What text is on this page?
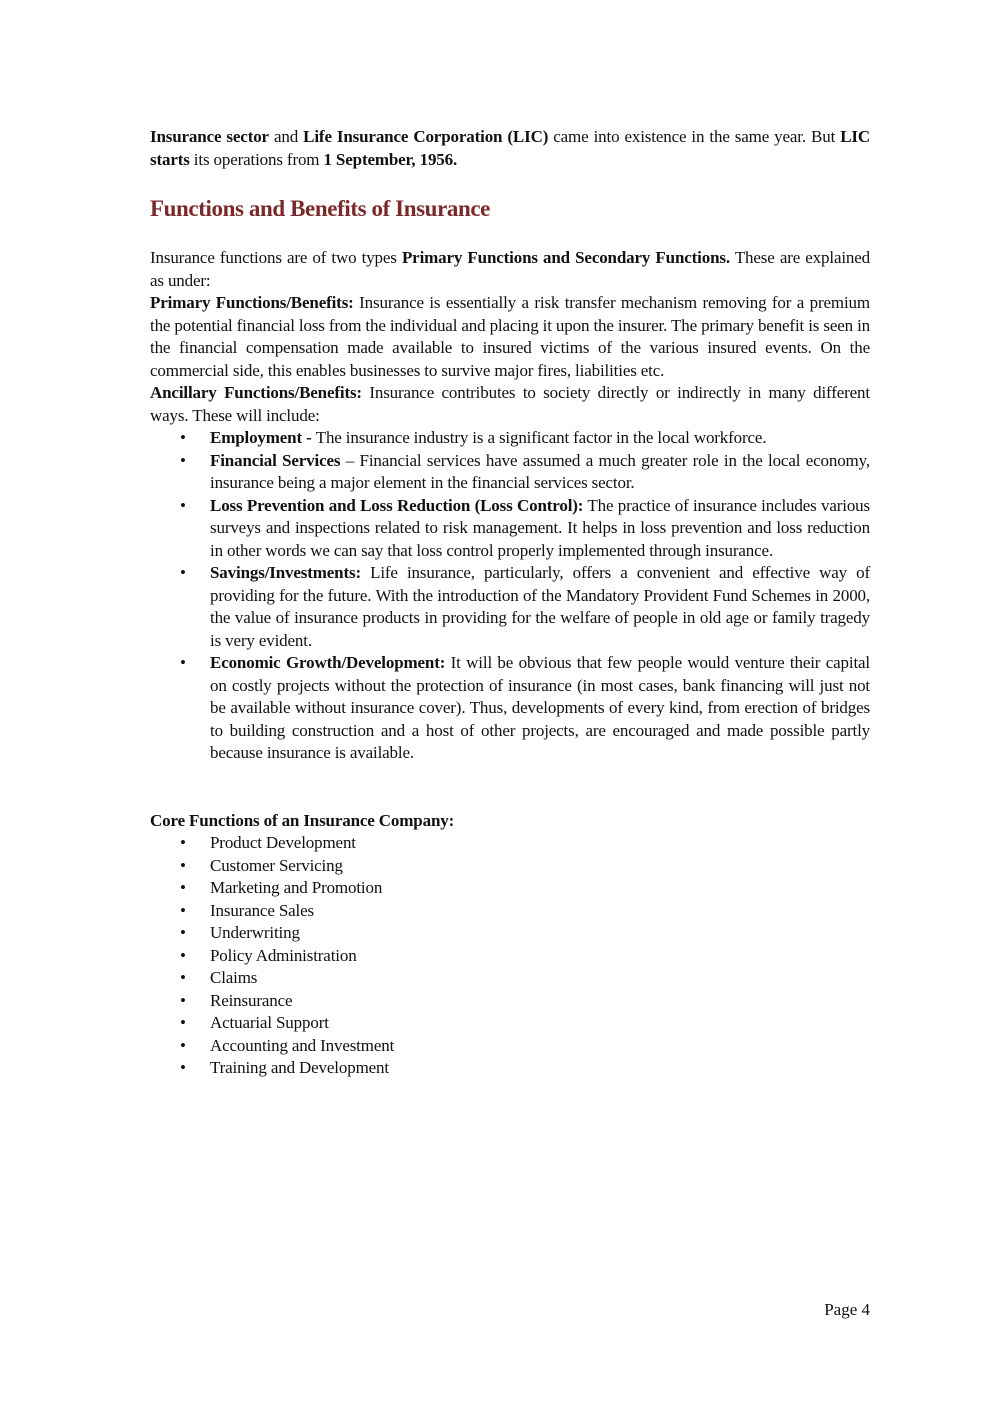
Insurance sector and Life Insurance Corporation (LIC) came into existence in the same year. But LIC starts its operations from 1 September, 1956.

Functions and Benefits of Insurance

Insurance functions are of two types Primary Functions and Secondary Functions. These are explained as under:

Primary Functions/Benefits: Insurance is essentially a risk transfer mechanism removing for a premium the potential financial loss from the individual and placing it upon the insurer. The primary benefit is seen in the financial compensation made available to insured victims of the various insured events. On the commercial side, this enables businesses to survive major fires, liabilities etc.

Ancillary Functions/Benefits: Insurance contributes to society directly or indirectly in many different ways. These will include:

• Employment - The insurance industry is a significant factor in the local workforce.
• Financial Services – Financial services have assumed a much greater role in the local economy, insurance being a major element in the financial services sector.
• Loss Prevention and Loss Reduction (Loss Control): The practice of insurance includes various surveys and inspections related to risk management. It helps in loss prevention and loss reduction in other words we can say that loss control properly implemented through insurance.
• Savings/Investments: Life insurance, particularly, offers a convenient and effective way of providing for the future. With the introduction of the Mandatory Provident Fund Schemes in 2000, the value of insurance products in providing for the welfare of people in old age or family tragedy is very evident.
• Economic Growth/Development: It will be obvious that few people would venture their capital on costly projects without the protection of insurance (in most cases, bank financing will just not be available without insurance cover). Thus, developments of every kind, from erection of bridges to building construction and a host of other projects, are encouraged and made possible partly because insurance is available.

Core Functions of an Insurance Company:

• Product Development
• Customer Servicing
• Marketing and Promotion
• Insurance Sales
• Underwriting
• Policy Administration
• Claims
• Reinsurance
• Actuarial Support
• Accounting and Investment
• Training and Development
Page 4
